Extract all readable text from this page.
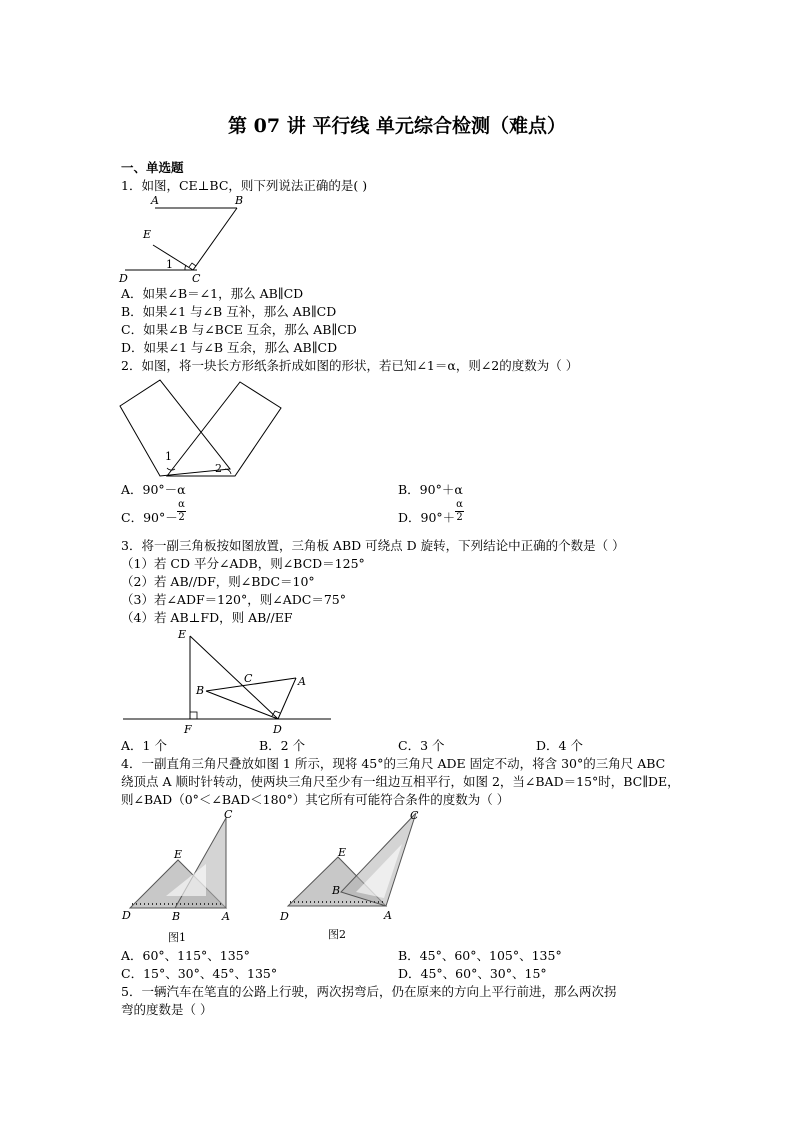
第 07 讲 平行线 单元综合检测（难点）
一、单选题
1．如图，CE⊥BC，则下列说法正确的是( )
A	B
E
1
D	C
A．如果∠B＝∠1，那么 AB∥CD
B．如果∠1 与∠B 互补，那么 AB∥CD
C．如果∠B 与∠BCE 互余，那么 AB∥CD
D．如果∠1 与∠B 互余，那么 AB∥CD
2．如图，将一块长方形纸条折成如图的形状，若已知∠1＝α，则∠2的度数为（ ）
1
2
A．90°－α	B．90°＋α
C．90°－
α
2	D．90°＋
α
2
3．将一副三角板按如图放置，三角板 ABD 可绕点 D 旋转，下列结论中正确的个数是（ ）
（1）若 CD 平分∠ADB，则∠BCD＝125°
（2）若 AB//DF，则∠BDC＝10°
（3）若∠ADF＝120°，则∠ADC＝75°
（4）若 AB⊥FD，则 AB//EF
E
C	A
B
F	D
A．1 个	B．2 个	C．3 个	D．4 个
4．一副直角三角尺叠放如图 1 所示，现将 45°的三角尺 ADE 固定不动，将含 30°的三角尺 ABC
绕顶点 A 顺时针转动，使两块三角尺至少有一组边互相平行，如图 2，当∠BAD＝15°时，BC∥DE，
则∠BAD（0°＜∠BAD＜180°）其它所有可能符合条件的度数为（ ）
C
E
D	B	A
图1
C
E
B
D	A
图2
A．60°、115°、135°	B．45°、60°、105°、135°
C．15°、30°、45°、135°	D．45°、60°、30°、15°
5．一辆汽车在笔直的公路上行驶，两次拐弯后，仍在原来的方向上平行前进，那么两次拐
弯的度数是（ ）
